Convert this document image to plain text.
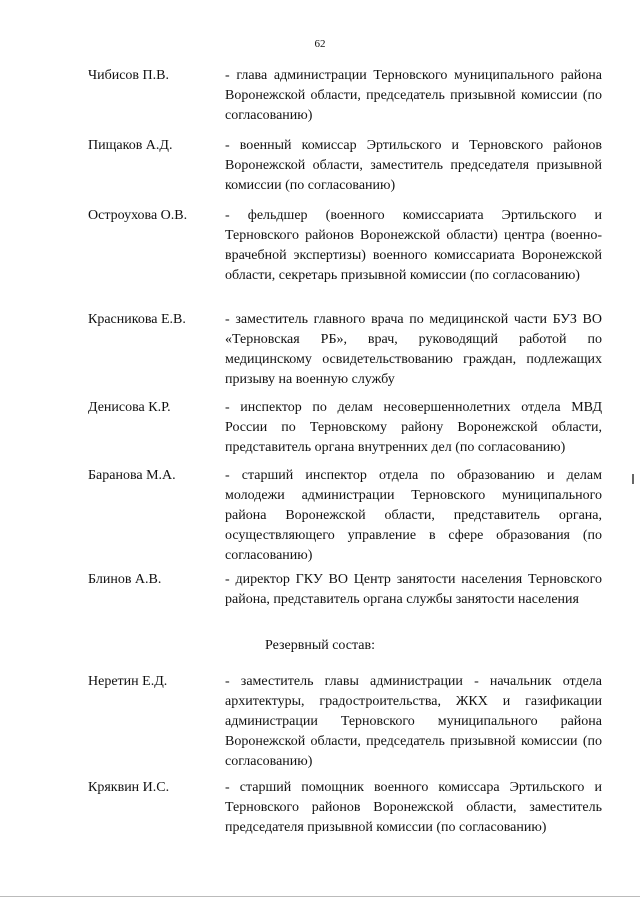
62
Чибисов П.В.	- глава администрации Терновского муниципального района Воронежской области, председатель призывной комиссии (по согласованию)
Пищаков А.Д.	- военный комиссар Эртильского и Терновского районов Воронежской области, заместитель председателя призывной комиссии (по согласованию)
Остроухова О.В.	- фельдшер (военного комиссариата Эртильского и Терновского районов Воронежской области) центра (военно-врачебной экспертизы) военного комиссариата Воронежской области, секретарь призывной комиссии (по согласованию)
Красникова Е.В.	- заместитель главного врача по медицинской части БУЗ ВО «Терновская РБ», врач, руководящий работой по медицинскому освидетельствованию граждан, подлежащих призыву на военную службу
Денисова К.Р.	- инспектор по делам несовершеннолетних отдела МВД России по Терновскому району Воронежской области, представитель органа внутренних дел (по согласованию)
Баранова М.А.	- старший инспектор отдела по образованию и делам молодежи администрации Терновского муниципального района Воронежской области, представитель органа, осуществляющего управление в сфере образования (по согласованию)
Блинов А.В.	- директор ГКУ ВО Центр занятости населения Терновского района, представитель органа службы занятости населения
Резервный состав:
Неретин Е.Д.	- заместитель главы администрации - начальник отдела архитектуры, градостроительства, ЖКХ и газификации администрации Терновского муниципального района Воронежской области, председатель призывной комиссии (по согласованию)
Кряквин И.С.	- старший помощник военного комиссара Эртильского и Терновского районов Воронежской области, заместитель председателя призывной комиссии (по согласованию)
